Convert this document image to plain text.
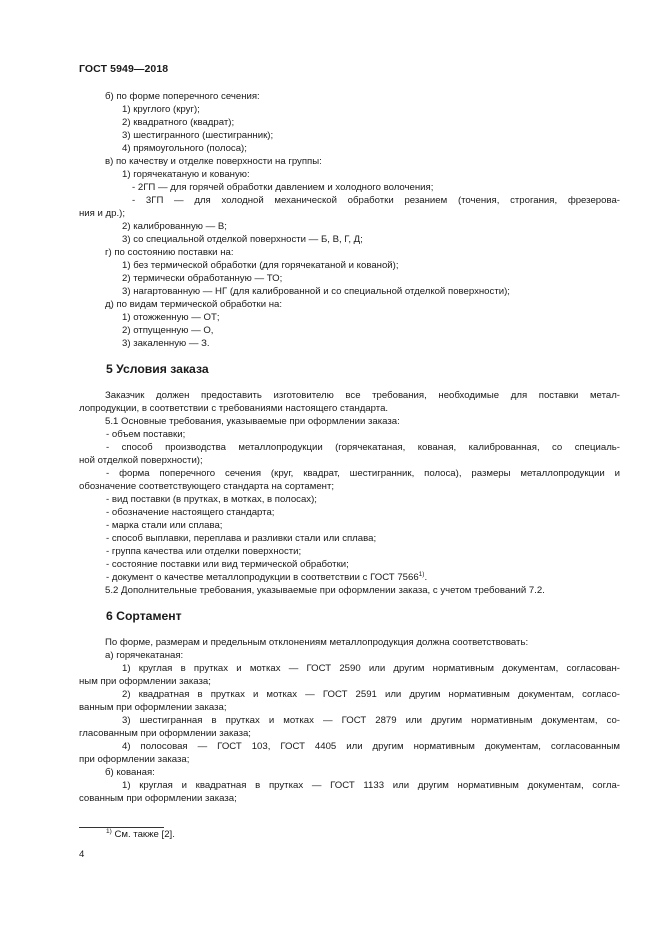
ГОСТ 5949—2018

б) по форме поперечного сечения:

1) круглого (круг);

2) квадратного (квадрат);

3) шестигранного (шестигранник);

4) прямоугольного (полоса);

в) по качеству и отделке поверхности на группы:

1) горячекатаную и кованую:

- 2ГП — для горячей обработки давлением и холодного волочения;

- 3ГП — для холодной механической обработки резанием (точения, строгания, фрезерова-

ния и др.);

2) калиброванную — В;

3) со специальной отделкой поверхности — Б, В, Г, Д;

г) по состоянию поставки на:

1) без термической обработки (для горячекатаной и кованой);

2) термически обработанную — ТО;

3) нагартованную — НГ (для калиброванной и со специальной отделкой поверхности);

д) по видам термической обработки на:

1) отожженную — ОТ;

2) отпущенную — О,

3) закаленную — З.

5 Условия заказа

Заказчик должен предоставить изготовителю все требования, необходимые для поставки метал-

лопродукции, в соответствии с требованиями настоящего стандарта.

5.1 Основные требования, указываемые при оформлении заказа:

- объем поставки;

- способ производства металлопродукции (горячекатаная, кованая, калиброванная, со специаль-

ной отделкой поверхности);

- форма поперечного сечения (круг, квадрат, шестигранник, полоса), размеры металлопродукции и

обозначение соответствующего стандарта на сортамент;

- вид поставки (в прутках, в мотках, в полосах);

- обозначение настоящего стандарта;

- марка стали или сплава;

- способ выплавки, переплава и разливки стали или сплава;

- группа качества или отделки поверхности;

- состояние поставки или вид термической обработки;

- документ о качестве металлопродукции в соответствии с ГОСТ 7566$^{1)}$.

5.2 Дополнительные требования, указываемые при оформлении заказа, с учетом требований 7.2.

6 Сортамент

По форме, размерам и предельным отклонениям металлопродукция должна соответствовать:

а) горячекатаная:

1) круглая в прутках и мотках — ГОСТ 2590 или другим нормативным документам, согласован-

ным при оформлении заказа;

2) квадратная в прутках и мотках — ГОСТ 2591 или другим нормативным документам, согласо-

ванным при оформлении заказа;

3) шестигранная в прутках и мотках — ГОСТ 2879 или другим нормативным документам, со-

гласованным при оформлении заказа;

4) полосовая — ГОСТ 103, ГОСТ 4405 или другим нормативным документам, согласованным

при оформлении заказа;

б) кованая:

1) круглая и квадратная в прутках — ГОСТ 1133 или другим нормативным документам, согла-

сованным при оформлении заказа;

$^{1)}$ См. также [2].
4
